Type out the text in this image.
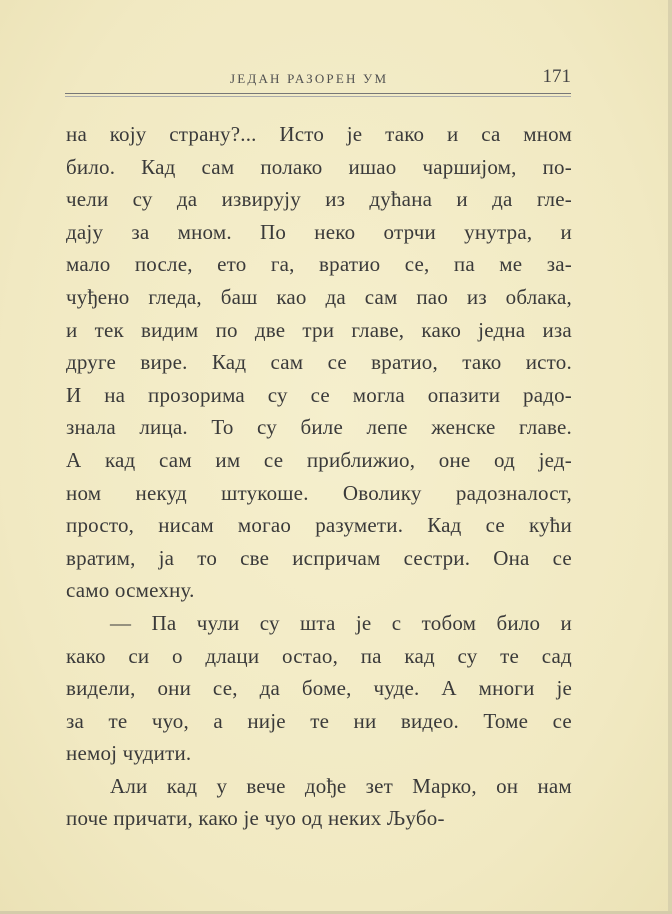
ЈЕДАН РАЗОРЕН УМ	171
на коју страну?... Исто је тако и са мном
било. Кад сам полако ишао чаршијом, по-
чели су да извирују из дућана и да гле-
дају за мном. По неко отрчи унутра, и
мало после, ето га, вратио се, па ме за-
чуђено гледа, баш као да сам пао из облака,
и тек видим по две три главе, како једна иза
друге вире. Кад сам се вратио, тако исто.
И на прозорима су се могла опазити радо-
знала лица. То су биле лепе женске главе.
А кад сам им се приближио, оне од јед-
ном некуд штукоше. Оволику радозналост,
просто, нисам могао разумети. Кад се кући
вратим, ја то све испричам сестри. Она се
само осмехну.
— Па чули су шта је с тобом било и
како си о длаци остао, па кад су те сад
видели, они се, да боме, чуде. А многи је
за те чуо, а није те ни видео. Томе се
немој чудити.
Али кад у вече дође зет Марко, он нам
поче причати, како је чуо од неких Љубо-
